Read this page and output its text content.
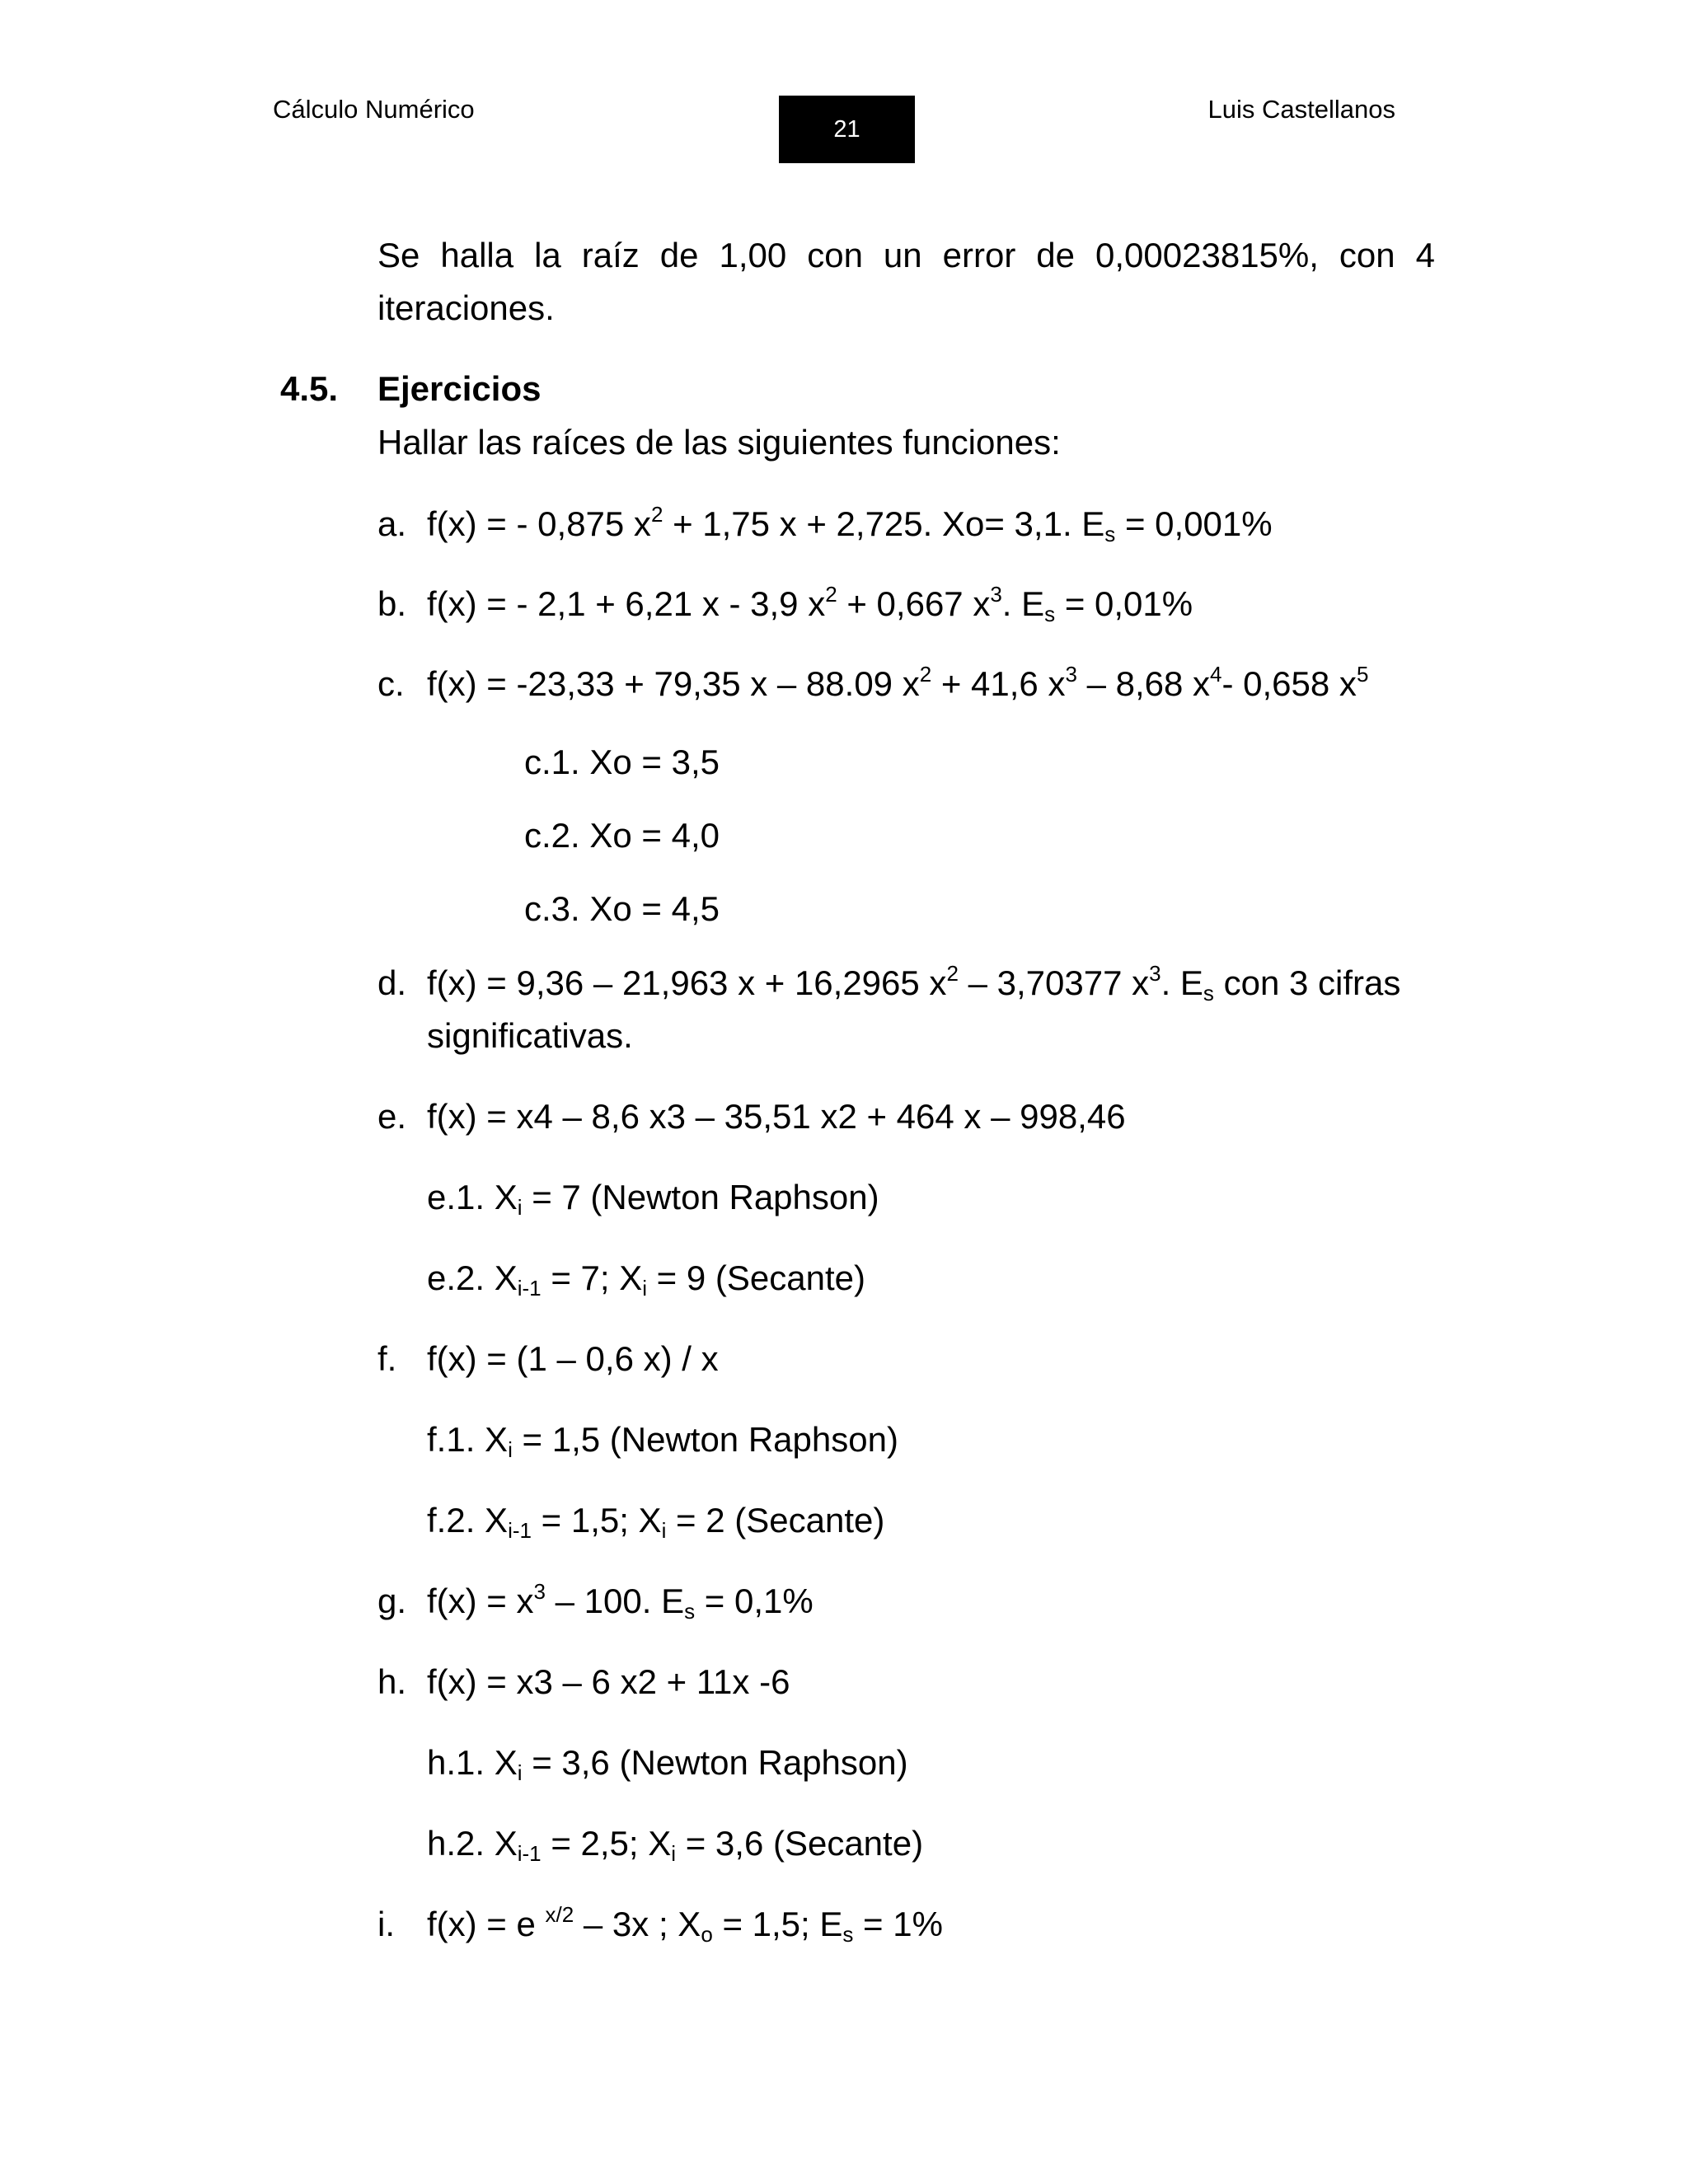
Cálculo Numérico
21
Luis Castellanos
Se halla la raíz de 1,00 con un error de 0,00023815%, con 4 iteraciones.
4.5. Ejercicios
Hallar las raíces de las siguientes funciones:
a. f(x) = - 0,875 $x^2 + 1,75$ x + 2,725. Xo= 3,1. $E_s = 0,001\%$
b. f(x) = - 2,1 + 6,21 x - 3,9 $x^2 + 0,667$ $x^3$. $E_s = 0,01\%$
c. f(x) = -23,33 + 79,35 x – 88.09 $x^2 + 41,6$ $x^3 - 8,68$ $x^4-$ 0,658 $x^5$
c.1. Xo = 3,5
c.2. Xo = 4,0
c.3. Xo = 4,5
d. f(x) = 9,36 – 21,963 x + 16,2965 $x^2 - 3,70377$ $x^3$. $E_s$ con 3 cifras
significativas.
e. f(x) = x4 – 8,6 x3 – 35,51 x2 + 464 x – 998,46
e.1. $X_i = 7$ (Newton Raphson)
e.2. $X_{i-1} = 7$; $X_i = 9$ (Secante)
f. f(x) = (1 – 0,6 x) / x
f.1. $X_i = 1,5$ (Newton Raphson)
f.2. $X_{i-1} = 1,5$; $X_i = 2$ (Secante)
g. $f(x) = x^3 - 100$. $E_s = 0,1\%$
h. f(x) = x3 – 6 x2 + 11x -6
h.1. $X_i = 3,6$ (Newton Raphson)
h.2. $X_{i-1} = 2,5$; $X_i = 3,6$ (Secante)
i. f(x) = e $^{x/2}$ – 3x ; $X_o = 1,5$; $E_s = 1\%$
